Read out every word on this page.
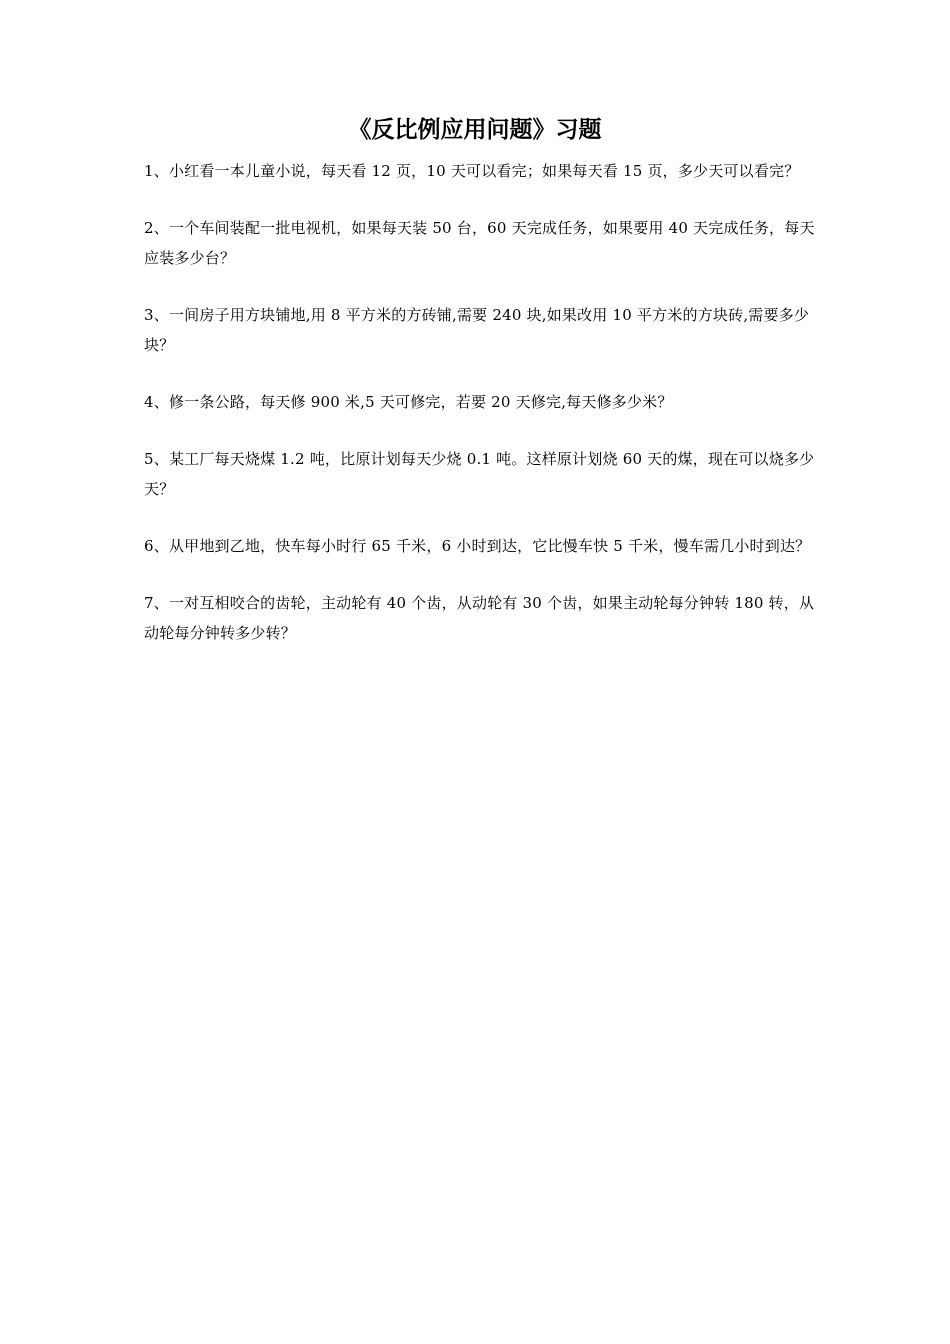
《反比例应用问题》习题
1、小红看一本儿童小说，每天看 12 页，10 天可以看完；如果每天看 15 页，多少天可以看完？
2、一个车间装配一批电视机，如果每天装 50 台，60 天完成任务，如果要用 40 天完成任务，每天应装多少台？
3、一间房子用方块铺地,用 8 平方米的方砖铺,需要 240 块,如果改用 10 平方米的方块砖,需要多少块？
4、修一条公路，每天修 900 米,5 天可修完，若要 20 天修完,每天修多少米？
5、某工厂每天烧煤 1.2 吨，比原计划每天少烧 0.1 吨。这样原计划烧 60 天的煤，现在可以烧多少天？
6、从甲地到乙地，快车每小时行 65 千米，6 小时到达，它比慢车快 5 千米，慢车需几小时到达？
7、一对互相咬合的齿轮，主动轮有 40 个齿，从动轮有 30 个齿，如果主动轮每分钟转 180 转，从动轮每分钟转多少转？
